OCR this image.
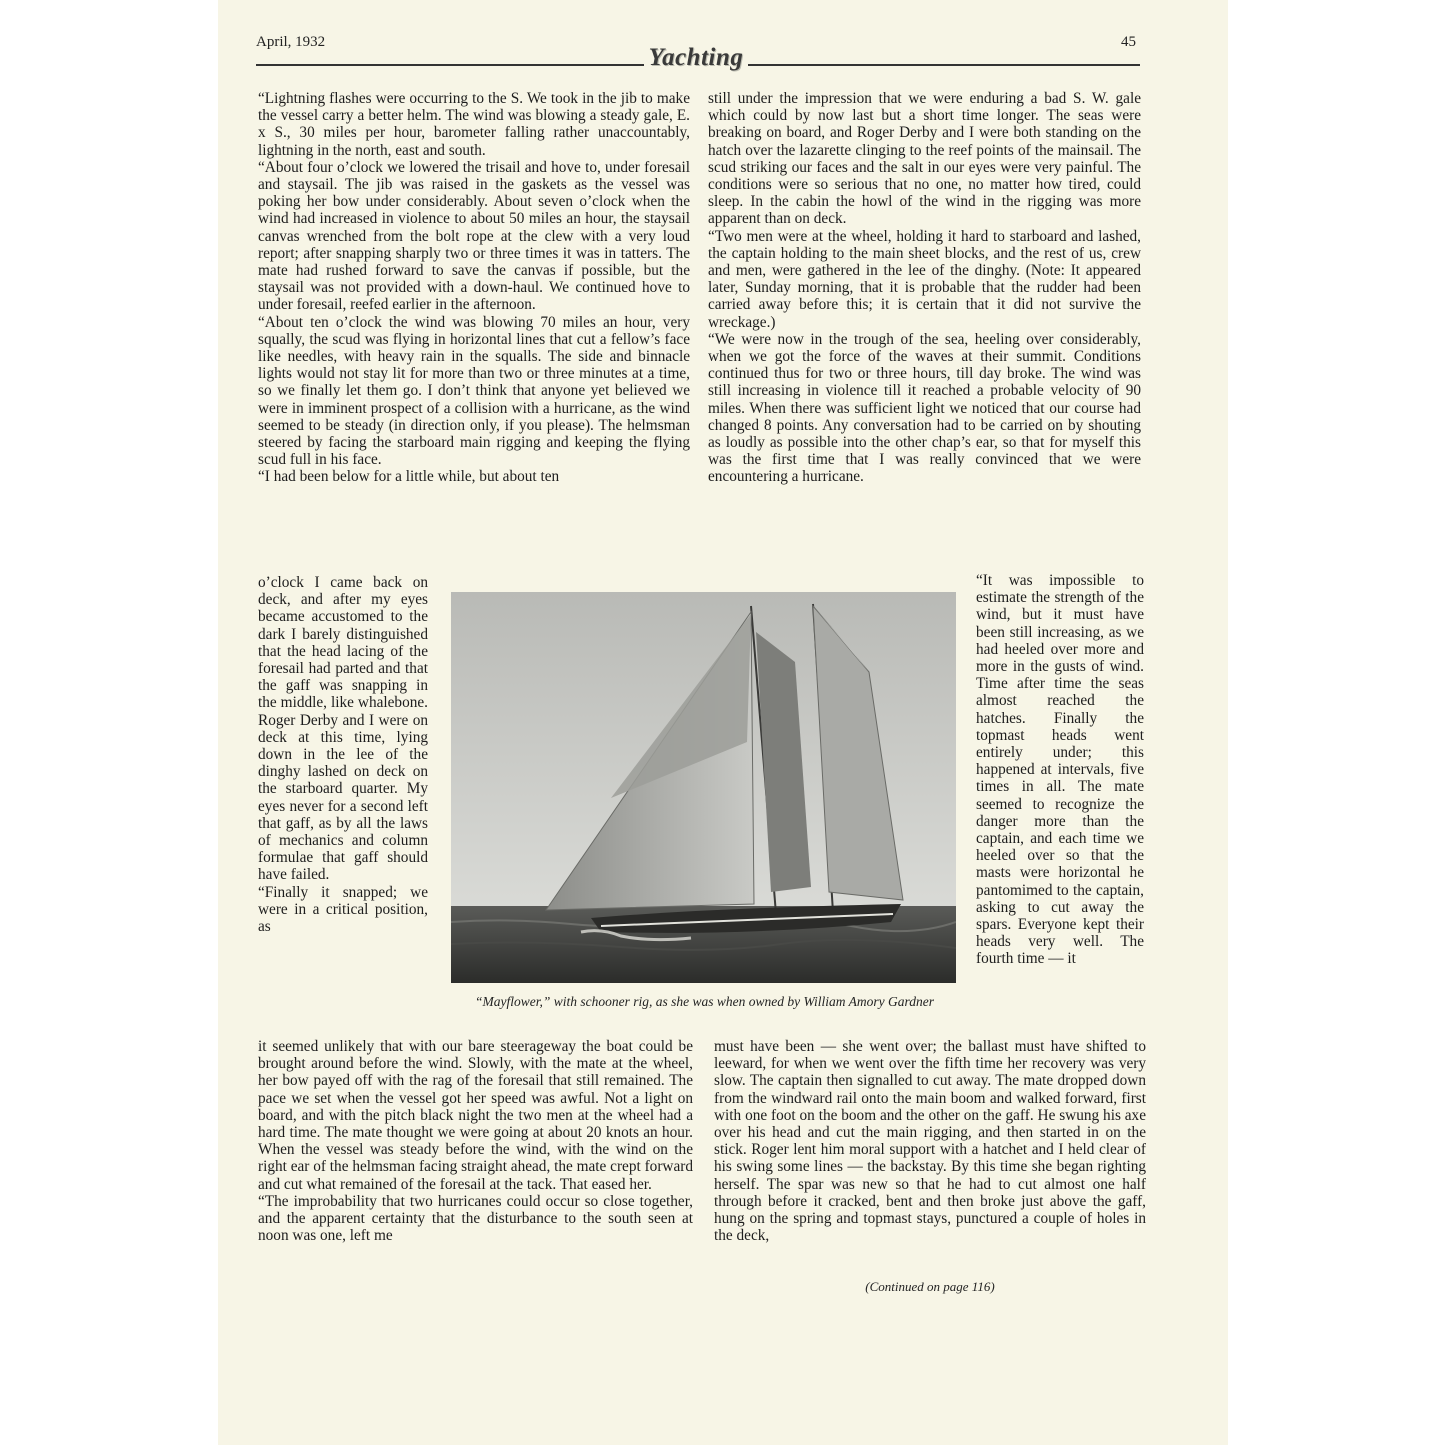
April, 1932
Yachting
45

“Lightning flashes were occurring to the S. We took in the jib to make the vessel carry a better helm. The wind was blowing a steady gale, E. x S., 30 miles per hour, barometer falling rather unaccountably, lightning in the north, east and south.
“About four o’clock we lowered the trisail and hove to, under foresail and staysail. The jib was raised in the gaskets as the vessel was poking her bow under considerably. About seven o’clock when the wind had increased in violence to about 50 miles an hour, the staysail canvas wrenched from the bolt rope at the clew with a very loud report; after snapping sharply two or three times it was in tatters. The mate had rushed forward to save the canvas if possible, but the staysail was not provided with a down-haul. We continued hove to under foresail, reefed earlier in the afternoon.
“About ten o’clock the wind was blowing 70 miles an hour, very squally, the scud was flying in horizontal lines that cut a fellow’s face like needles, with heavy rain in the squalls. The side and binnacle lights would not stay lit for more than two or three minutes at a time, so we finally let them go. I don’t think that anyone yet believed we were in imminent prospect of a collision with a hurricane, as the wind seemed to be steady (in direction only, if you please). The helmsman steered by facing the starboard main rigging and keeping the flying scud full in his face.
“I had been below for a little while, but about ten

o’clock I came back on deck, and after my eyes became accustomed to the dark I barely distinguished that the head lacing of the foresail had parted and that the gaff was snapping in the middle, like whalebone. Roger Derby and I were on deck at this time, lying down in the lee of the dinghy lashed on deck on the starboard quarter. My eyes never for a second left that gaff, as by all the laws of mechanics and column formulae that gaff should have failed.
“Finally it snapped; we were in a critical position, as

it seemed unlikely that with our bare steerageway the boat could be brought around before the wind. Slowly, with the mate at the wheel, her bow payed off with the rag of the foresail that still remained. The pace we set when the vessel got her speed was awful. Not a light on board, and with the pitch black night the two men at the wheel had a hard time. The mate thought we were going at about 20 knots an hour. When the vessel was steady before the wind, with the wind on the right ear of the helmsman facing straight ahead, the mate crept forward and cut what remained of the foresail at the tack. That eased her.
“The improbability that two hurricanes could occur so close together, and the apparent certainty that the disturbance to the south seen at noon was one, left me

still under the impression that we were enduring a bad S. W. gale which could by now last but a short time longer. The seas were breaking on board, and Roger Derby and I were both standing on the hatch over the lazarette clinging to the reef points of the mainsail. The scud striking our faces and the salt in our eyes were very painful. The conditions were so serious that no one, no matter how tired, could sleep. In the cabin the howl of the wind in the rigging was more apparent than on deck.
“Two men were at the wheel, holding it hard to starboard and lashed, the captain holding to the main sheet blocks, and the rest of us, crew and men, were gathered in the lee of the dinghy. (Note: It appeared later, Sunday morning, that it is probable that the rudder had been carried away before this; it is certain that it did not survive the wreckage.)
“We were now in the trough of the sea, heeling over considerably, when we got the force of the waves at their summit. Conditions continued thus for two or three hours, till day broke. The wind was still increasing in violence till it reached a probable velocity of 90 miles. When there was sufficient light we noticed that our course had changed 8 points. Any conversation had to be carried on by shouting as loudly as possible into the other chap’s ear, so that for myself this was the first time that I was really convinced that we were encountering a hurricane.

“It was impossible to estimate the strength of the wind, but it must have been still increasing, as we had heeled over more and more in the gusts of wind. Time after time the seas almost reached the hatches. Finally the topmast heads went entirely under; this happened at intervals, five times in all. The mate seemed to recognize the danger more than the captain, and each time we heeled over so that the masts were horizontal he pantomimed to the captain, asking to cut away the spars. Everyone kept their heads very well. The fourth time — it

must have been — she went over; the ballast must have shifted to leeward, for when we went over the fifth time her recovery was very slow. The captain then signalled to cut away. The mate dropped down from the windward rail onto the main boom and walked forward, first with one foot on the boom and the other on the gaff. He swung his axe over his head and cut the main rigging, and then started in on the stick. Roger lent him moral support with a hatchet and I held clear of his swing some lines — the backstay. By this time she began righting herself. The spar was new so that he had to cut almost one half through before it cracked, bent and then broke just above the gaff, hung on the spring and topmast stays, punctured a couple of holes in the deck,

“Mayflower,” with schooner rig, as she was when owned by William Amory Gardner
(Continued on page 116)
